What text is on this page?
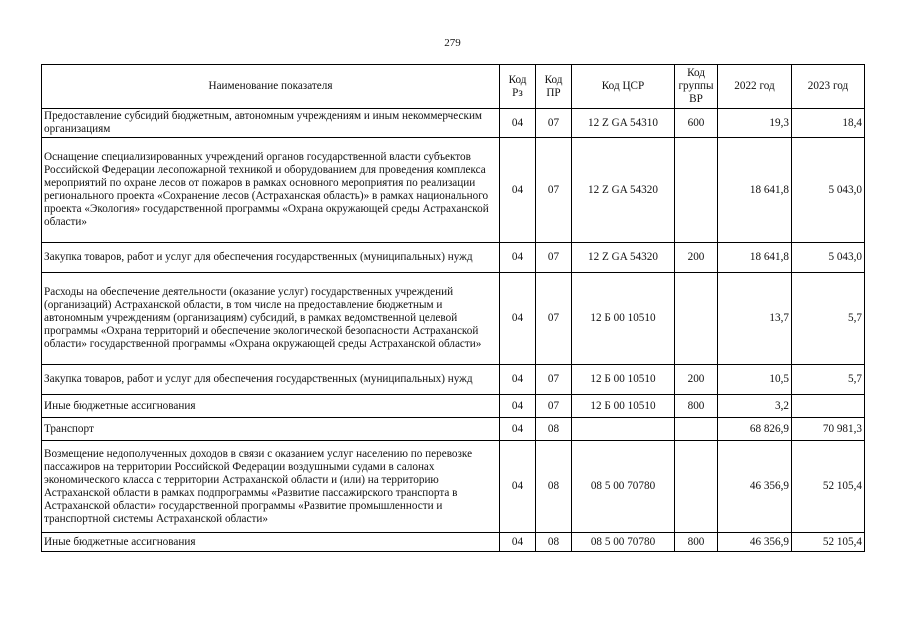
279
Наименование показателя	Код Рз	Код ПР	Код ЦСР	Код группы ВР	2022 год	2023 год
Предоставление субсидий бюджетным, автономным учреждениям и иным некоммерческим организациям	04	07	12 Z GA 54310	600	19,3	18,4
Оснащение специализированных учреждений органов государственной власти субъектов Российской Федерации лесопожарной техникой и оборудованием для проведения комплекса мероприятий по охране лесов от пожаров в рамках основного мероприятия по реализации регионального проекта «Сохранение лесов (Астраханская область)» в рамках национального проекта «Экология» государственной программы «Охрана окружающей среды Астраханской области»	04	07	12 Z GA 54320		18 641,8	5 043,0
Закупка товаров, работ и услуг для обеспечения государственных (муниципальных) нужд	04	07	12 Z GA 54320	200	18 641,8	5 043,0
Расходы на обеспечение деятельности (оказание услуг) государственных учреждений (организаций) Астраханской области, в том числе на предоставление бюджетным и автономным учреждениям (организациям) субсидий, в рамках ведомственной целевой программы «Охрана территорий и обеспечение экологической безопасности Астраханской области» государственной программы «Охрана окружающей среды Астраханской области»	04	07	12 Б 00 10510		13,7	5,7
Закупка товаров, работ и услуг для обеспечения государственных (муниципальных) нужд	04	07	12 Б 00 10510	200	10,5	5,7
Иные бюджетные ассигнования	04	07	12 Б 00 10510	800	3,2	
Транспорт	04	08			68 826,9	70 981,3
Возмещение недополученных доходов в связи с оказанием услуг населению по перевозке пассажиров на территории Российской Федерации воздушными судами в салонах экономического класса с территории Астраханской области и (или) на территорию Астраханской области в рамках подпрограммы «Развитие пассажирского транспорта в Астраханской области» государственной программы «Развитие промышленности и транспортной системы Астраханской области»	04	08	08 5 00 70780		46 356,9	52 105,4
Иные бюджетные ассигнования	04	08	08 5 00 70780	800	46 356,9	52 105,4
